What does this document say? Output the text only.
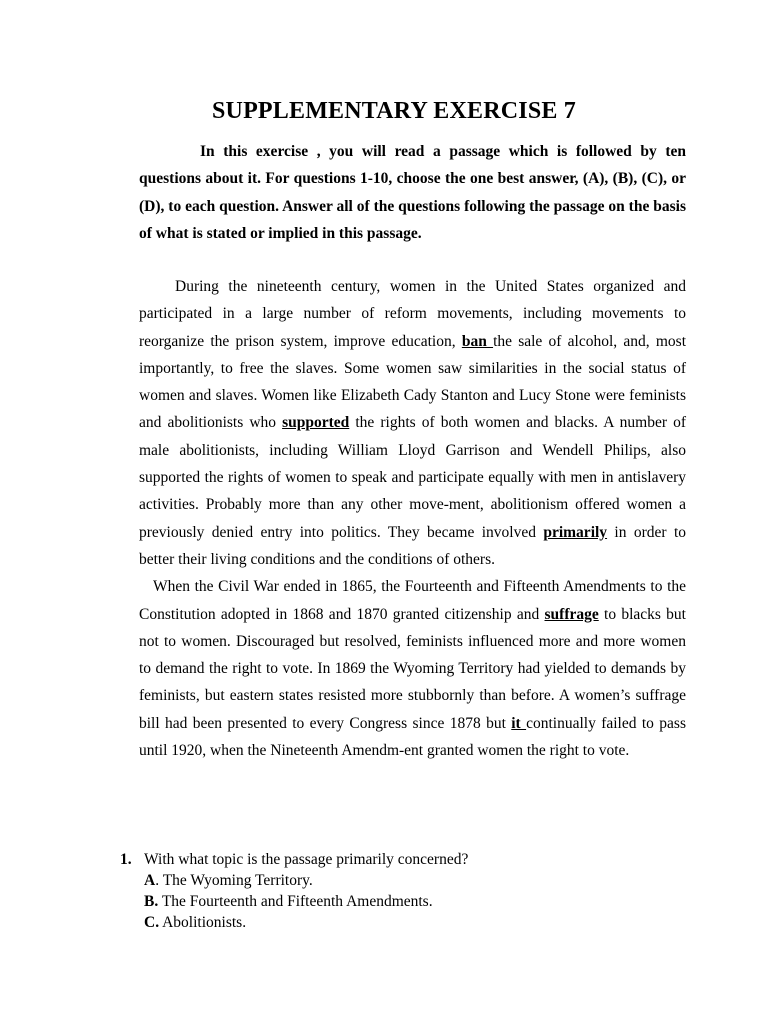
SUPPLEMENTARY EXERCISE 7

In this exercise , you will read a passage which is followed by ten questions about it. For questions 1-10, choose the one best answer, (A), (B), (C), or (D), to each question. Answer all of the questions following the passage on the basis of what is stated or implied in this passage.

During the nineteenth century, women in the United States organized and participated in a large number of reform movements, including movements to reorganize the prison system, improve education, ban the sale of alcohol, and, most importantly, to free the slaves. Some women saw similarities in the social status of women and slaves. Women like Elizabeth Cady Stanton and Lucy Stone were feminists and abolitionists who supported the rights of both women and blacks. A number of male abolitionists, including William Lloyd Garrison and Wendell Philips, also supported the rights of women to speak and participate equally with men in antislavery activities. Probably more than any other move-ment, abolitionism offered women a previously denied entry into politics. They became involved primarily in order to better their living conditions and the conditions of others.

When the Civil War ended in 1865, the Fourteenth and Fifteenth Amendments to the Constitution adopted in 1868 and 1870 granted citizenship and suffrage to blacks but not to women. Discouraged but resolved, feminists influenced more and more women to demand the right to vote. In 1869 the Wyoming Territory had yielded to demands by feminists, but eastern states resisted more stubbornly than before. A women’s suffrage bill had been presented to every Congress since 1878 but it continually failed to pass until 1920, when the Nineteenth Amendm-ent granted women the right to vote.

1. With what topic is the passage primarily concerned?
A. The Wyoming Territory.
B. The Fourteenth and Fifteenth Amendments.
C. Abolitionists.
